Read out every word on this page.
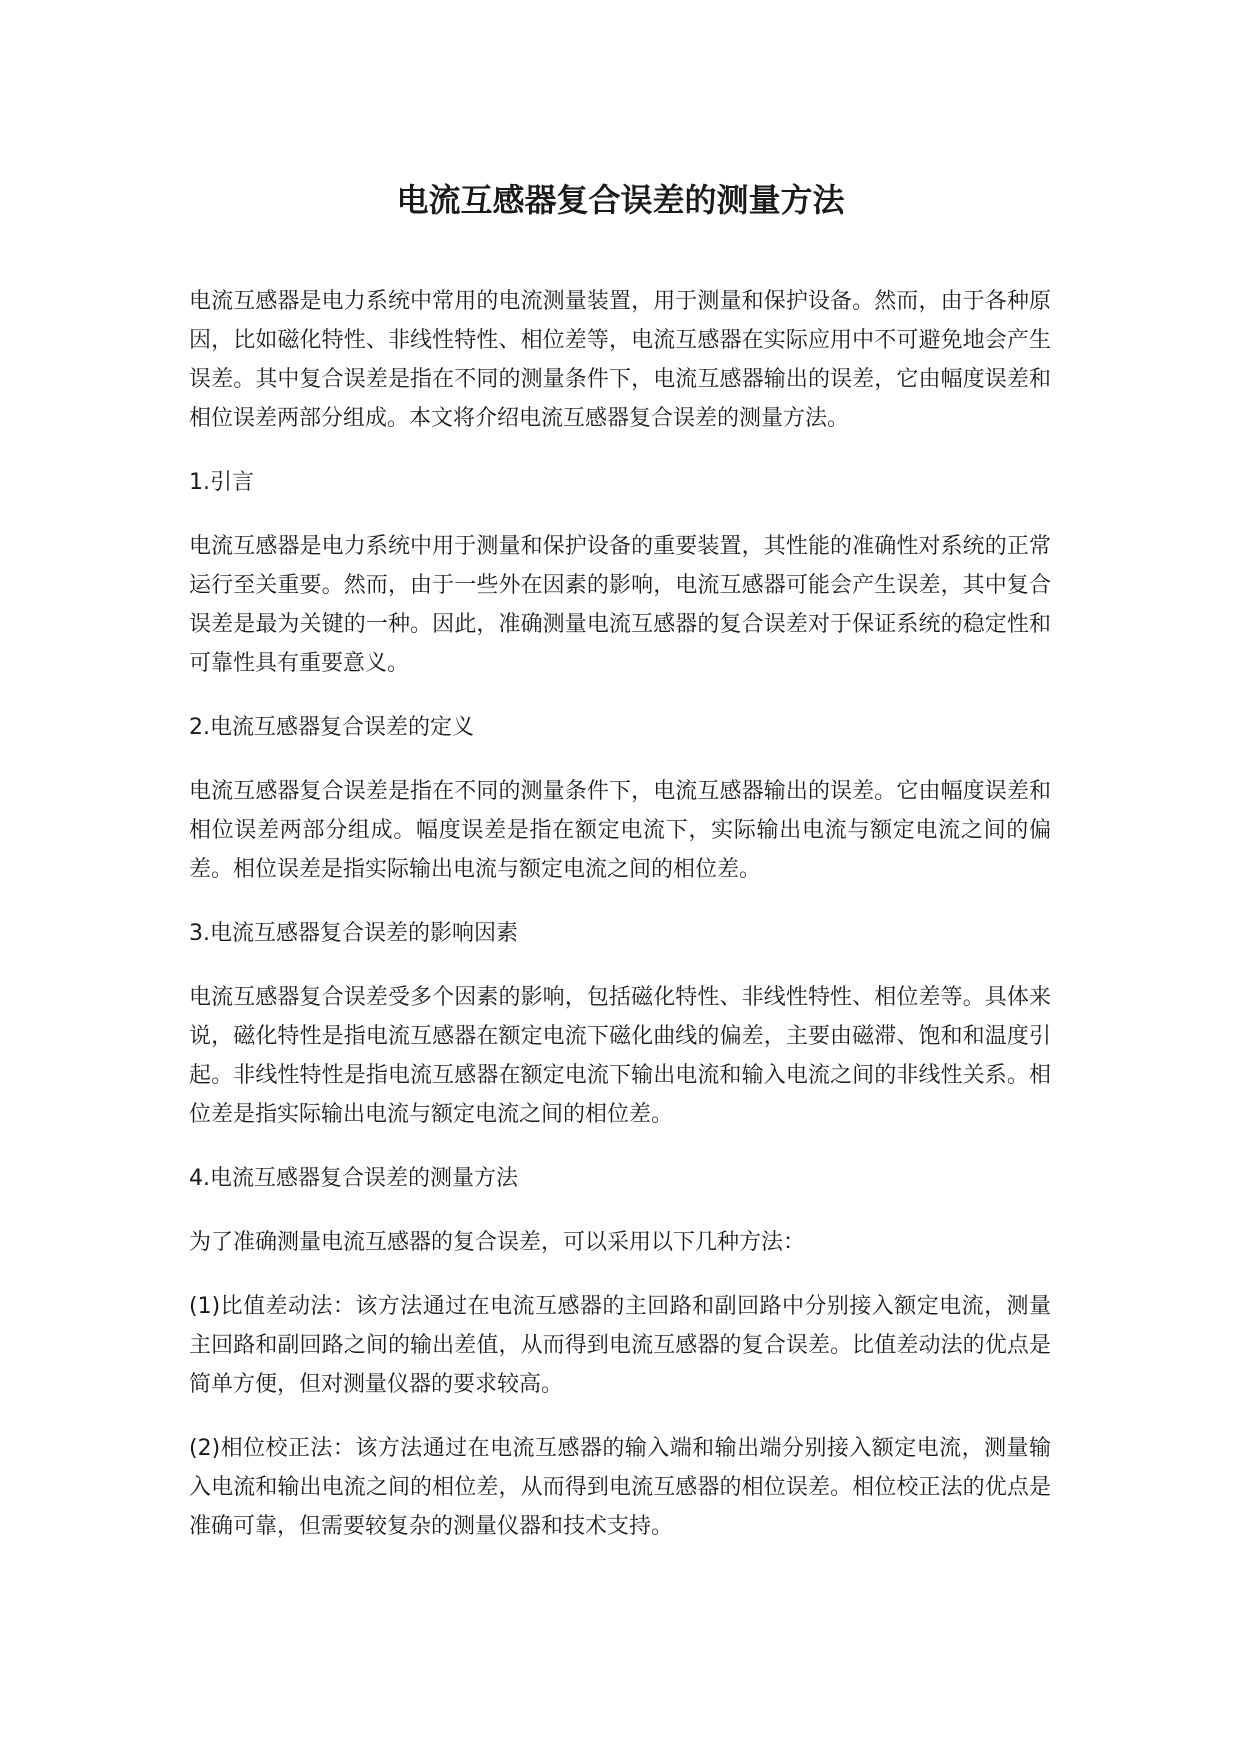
电流互感器复合误差的测量方法

电流互感器是电力系统中常用的电流测量装置，用于测量和保护设备。然而，由于各种原因，比如磁化特性、非线性特性、相位差等，电流互感器在实际应用中不可避免地会产生误差。其中复合误差是指在不同的测量条件下，电流互感器输出的误差，它由幅度误差和相位误差两部分组成。本文将介绍电流互感器复合误差的测量方法。

1.引言

电流互感器是电力系统中用于测量和保护设备的重要装置，其性能的准确性对系统的正常运行至关重要。然而，由于一些外在因素的影响，电流互感器可能会产生误差，其中复合误差是最为关键的一种。因此，准确测量电流互感器的复合误差对于保证系统的稳定性和可靠性具有重要意义。

2.电流互感器复合误差的定义

电流互感器复合误差是指在不同的测量条件下，电流互感器输出的误差。它由幅度误差和相位误差两部分组成。幅度误差是指在额定电流下，实际输出电流与额定电流之间的偏差。相位误差是指实际输出电流与额定电流之间的相位差。

3.电流互感器复合误差的影响因素

电流互感器复合误差受多个因素的影响，包括磁化特性、非线性特性、相位差等。具体来说，磁化特性是指电流互感器在额定电流下磁化曲线的偏差，主要由磁滞、饱和和温度引起。非线性特性是指电流互感器在额定电流下输出电流和输入电流之间的非线性关系。相位差是指实际输出电流与额定电流之间的相位差。

4.电流互感器复合误差的测量方法

为了准确测量电流互感器的复合误差，可以采用以下几种方法：

(1)比值差动法：该方法通过在电流互感器的主回路和副回路中分别接入额定电流，测量主回路和副回路之间的输出差值，从而得到电流互感器的复合误差。比值差动法的优点是简单方便，但对测量仪器的要求较高。

(2)相位校正法：该方法通过在电流互感器的输入端和输出端分别接入额定电流，测量输入电流和输出电流之间的相位差，从而得到电流互感器的相位误差。相位校正法的优点是准确可靠，但需要较复杂的测量仪器和技术支持。
